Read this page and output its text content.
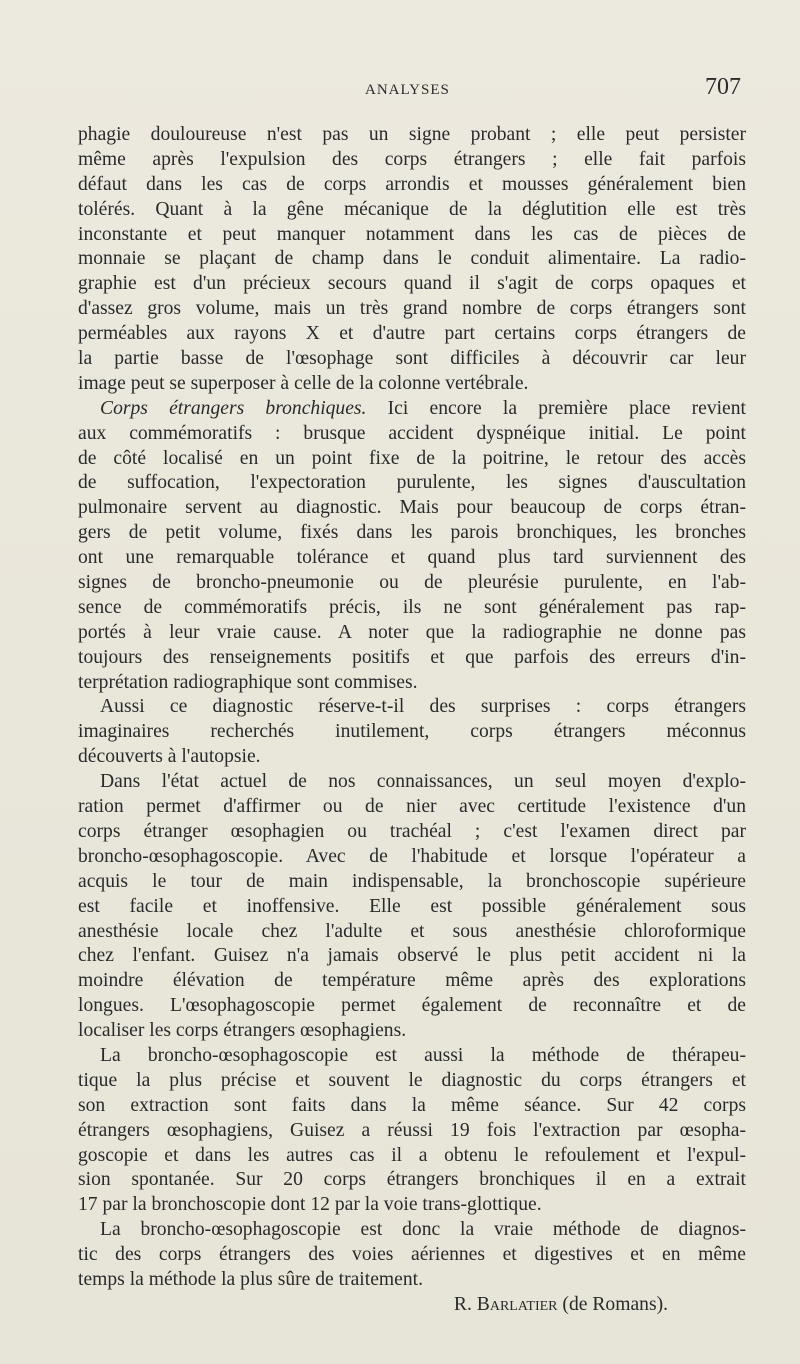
ANALYSES	707
phagie douloureuse n'est pas un signe probant ; elle peut persister
même après l'expulsion des corps étrangers ; elle fait parfois
défaut dans les cas de corps arrondis et mousses généralement bien
tolérés. Quant à la gêne mécanique de la déglutition elle est très
inconstante et peut manquer notamment dans les cas de pièces de
monnaie se plaçant de champ dans le conduit alimentaire. La radio-
graphie est d'un précieux secours quand il s'agit de corps opaques et
d'assez gros volume, mais un très grand nombre de corps étrangers sont
perméables aux rayons X et d'autre part certains corps étrangers de
la partie basse de l'œsophage sont difficiles à découvrir car leur
image peut se superposer à celle de la colonne vertébrale.
Corps étrangers bronchiques. Ici encore la première place revient
aux commémoratifs : brusque accident dyspnéique initial. Le point
de côté localisé en un point fixe de la poitrine, le retour des accès
de suffocation, l'expectoration purulente, les signes d'auscultation
pulmonaire servent au diagnostic. Mais pour beaucoup de corps étran-
gers de petit volume, fixés dans les parois bronchiques, les bronches
ont une remarquable tolérance et quand plus tard surviennent des
signes de broncho-pneumonie ou de pleurésie purulente, en l'ab-
sence de commémoratifs précis, ils ne sont généralement pas rap-
portés à leur vraie cause. A noter que la radiographie ne donne pas
toujours des renseignements positifs et que parfois des erreurs d'in-
terprétation radiographique sont commises.
Aussi ce diagnostic réserve-t-il des surprises : corps étrangers
imaginaires recherchés inutilement, corps étrangers méconnus
découverts à l'autopsie.
Dans l'état actuel de nos connaissances, un seul moyen d'explo-
ration permet d'affirmer ou de nier avec certitude l'existence d'un
corps étranger œsophagien ou trachéal ; c'est l'examen direct par
broncho-œsophagoscopie. Avec de l'habitude et lorsque l'opérateur a
acquis le tour de main indispensable, la bronchoscopie supérieure
est facile et inoffensive. Elle est possible généralement sous
anesthésie locale chez l'adulte et sous anesthésie chloroformique
chez l'enfant. Guisez n'a jamais observé le plus petit accident ni la
moindre élévation de température même après des explorations
longues. L'œsophagoscopie permet également de reconnaître et de
localiser les corps étrangers œsophagiens.
La broncho-œsophagoscopie est aussi la méthode de thérapeu-
tique la plus précise et souvent le diagnostic du corps étrangers et
son extraction sont faits dans la même séance. Sur 42 corps
étrangers œsophagiens, Guisez a réussi 19 fois l'extraction par œsopha-
goscopie et dans les autres cas il a obtenu le refoulement et l'expul-
sion spontanée. Sur 20 corps étrangers bronchiques il en a extrait
17 par la bronchoscopie dont 12 par la voie trans-glottique.
La broncho-œsophagoscopie est donc la vraie méthode de diagnos-
tic des corps étrangers des voies aériennes et digestives et en même
temps la méthode la plus sûre de traitement.
R. Barlatier (de Romans).
